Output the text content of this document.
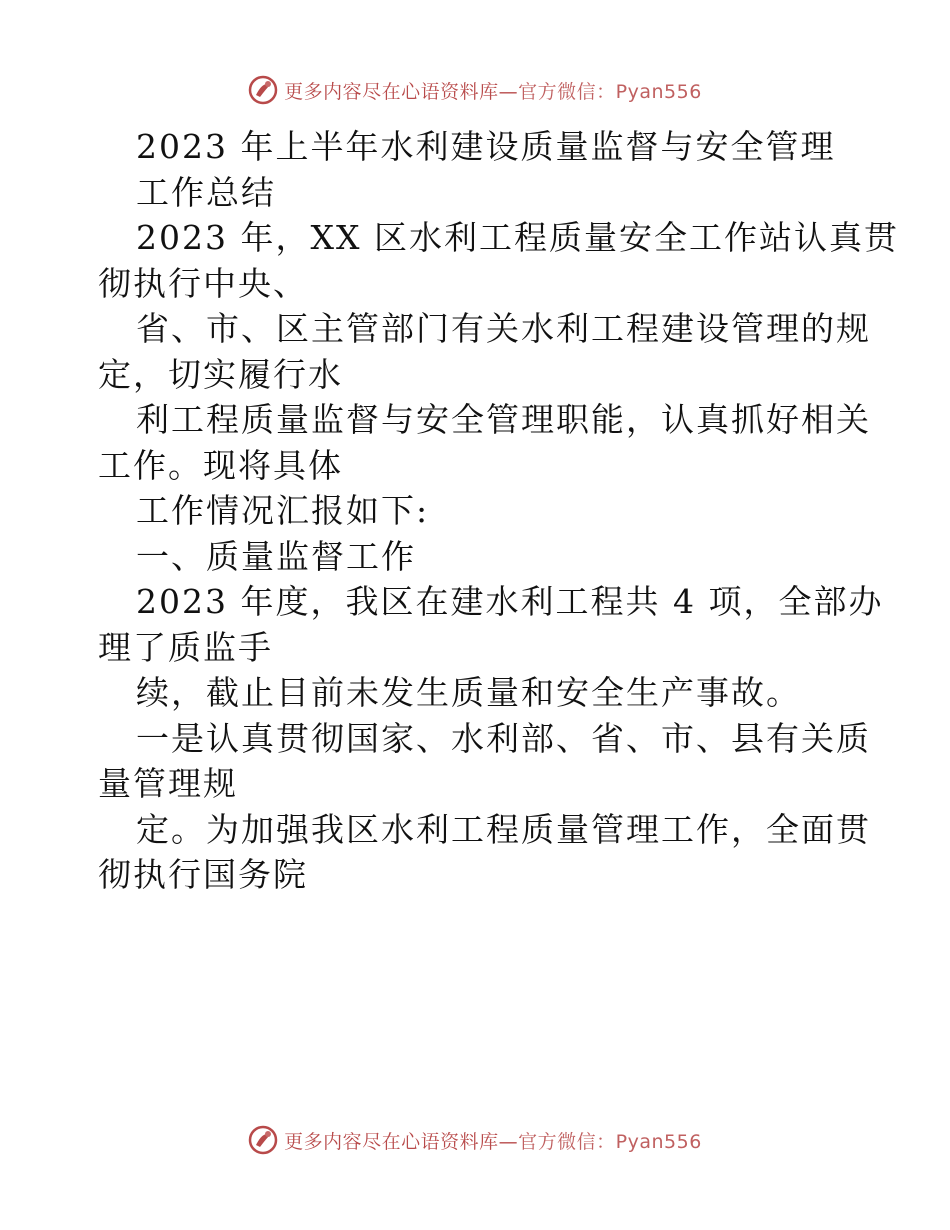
更多内容尽在心语资料库—官方微信：Pyan556

2023 年上半年水利建设质量监督与安全管理

工作总结

2023 年，XX 区水利工程质量安全工作站认真贯

彻执行中央、

省、市、区主管部门有关水利工程建设管理的规

定，切实履行水

利工程质量监督与安全管理职能，认真抓好相关

工作。现将具体

工作情况汇报如下:

一、质量监督工作

2023 年度，我区在建水利工程共 4 项，全部办

理了质监手

续，截止目前未发生质量和安全生产事故。

一是认真贯彻国家、水利部、省、市、县有关质

量管理规

定。为加强我区水利工程质量管理工作，全面贯

彻执行国务院

更多内容尽在心语资料库—官方微信：Pyan556
